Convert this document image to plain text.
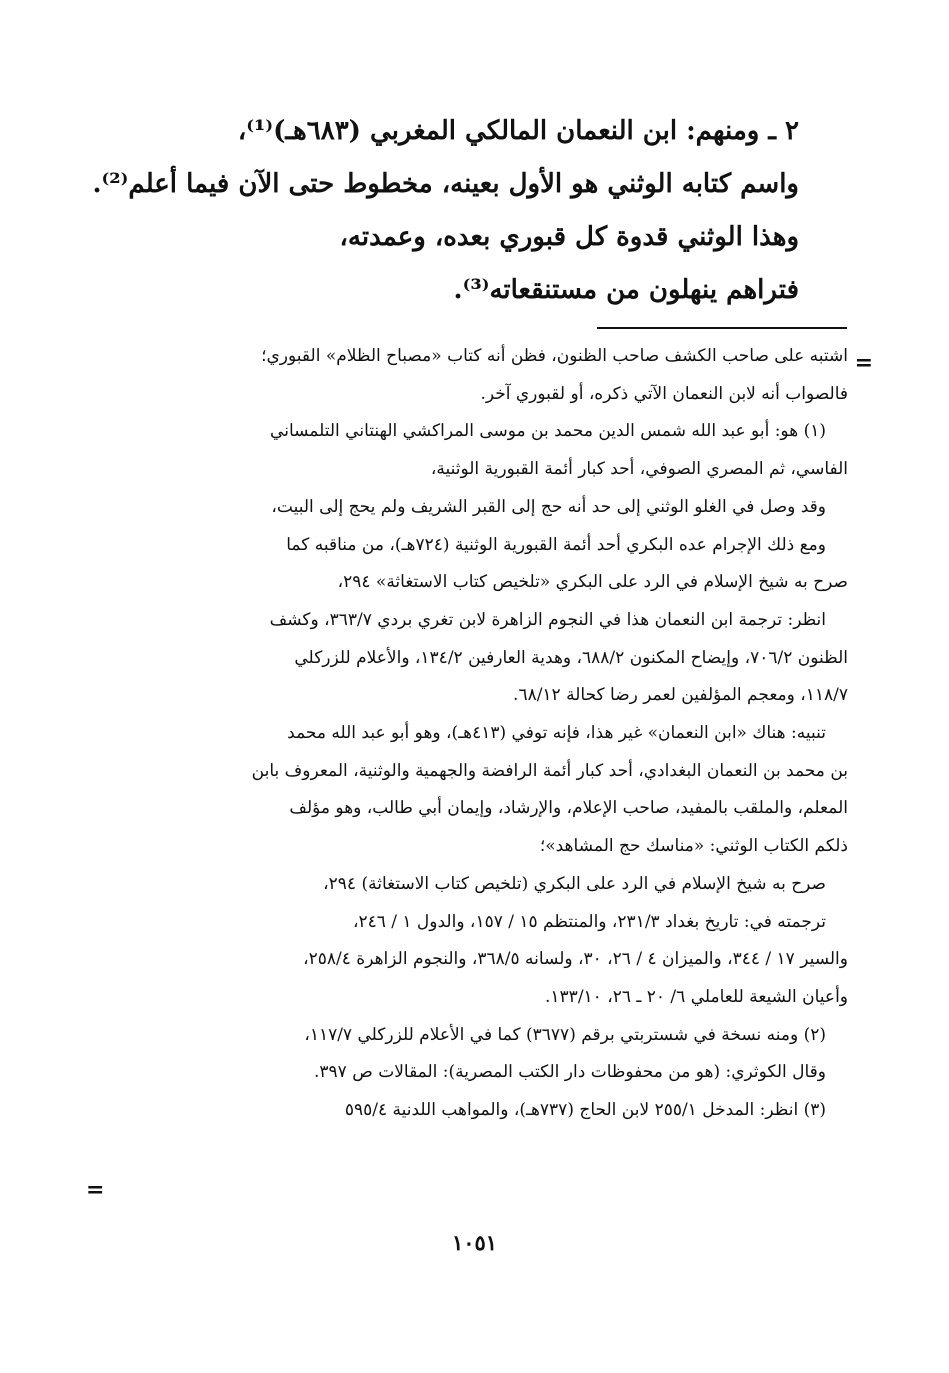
٢ ـ ومنهم: ابن النعمان المالكي المغربي (٦٨٣هـ)⁽¹⁾،
واسم كتابه الوثني هو الأول بعينه، مخطوط حتى الآن فيما أعلم⁽²⁾.
وهذا الوثني قدوة كل قبوري بعده، وعمدته،
فتراهم ينهلون من مستنقعاته⁽³⁾.
=
اشتبه على صاحب الكشف صاحب الظنون، فظن أنه كتاب «مصباح الظلام» القبوري؛
فالصواب أنه لابن النعمان الآتي ذكره، أو لقبوري آخر.
(١) هو: أبو عبد الله شمس الدين محمد بن موسى المراكشي الهنتاني التلمساني
الفاسي، ثم المصري الصوفي، أحد كبار أئمة القبورية الوثنية،
وقد وصل في الغلو الوثني إلى حد أنه حج إلى القبر الشريف ولم يحج إلى البيت،
ومع ذلك الإجرام عده البكري أحد أئمة القبورية الوثنية (٧٢٤هـ)، من مناقبه كما
صرح به شيخ الإسلام في الرد على البكري «تلخيص كتاب الاستغاثة» ٢٩٤،
انظر: ترجمة ابن النعمان هذا في النجوم الزاهرة لابن تغري بردي ٣٦٣/٧، وكشف
الظنون ٧٠٦/٢، وإيضاح المكنون ٦٨٨/٢، وهدية العارفين ١٣٤/٢، والأعلام للزركلي
١١٨/٧، ومعجم المؤلفين لعمر رضا كحالة ٦٨/١٢.
تنبيه: هناك «ابن النعمان» غير هذا، فإنه توفي (٤١٣هـ)، وهو أبو عبد الله محمد
بن محمد بن النعمان البغدادي، أحد كبار أئمة الرافضة والجهمية والوثنية، المعروف بابن
المعلم، والملقب بالمفيد، صاحب الإعلام، والإرشاد، وإيمان أبي طالب، وهو مؤلف
ذلكم الكتاب الوثني: «مناسك حج المشاهد»؛
صرح به شيخ الإسلام في الرد على البكري (تلخيص كتاب الاستغاثة) ٢٩٤،
ترجمته في: تاريخ بغداد ٢٣١/٣، والمنتظم ١٥ / ١٥٧، والدول ١ / ٢٤٦،
والسير ١٧ / ٣٤٤، والميزان ٤ / ٢٦، ٣٠، ولسانه ٣٦٨/٥، والنجوم الزاهرة ٢٥٨/٤،
وأعيان الشيعة للعاملي ٦/ ٢٠ ـ ٢٦، ١٣٣/١٠.
(٢) ومنه نسخة في شستربتي برقم (٣٦٧٧) كما في الأعلام للزركلي ١١٧/٧،
وقال الكوثري: (هو من محفوظات دار الكتب المصرية): المقالات ص ٣٩٧.
(٣) انظر: المدخل ٢٥٥/١ لابن الحاج (٧٣٧هـ)، والمواهب اللدنية ٥٩٥/٤
=
١٠٥١
